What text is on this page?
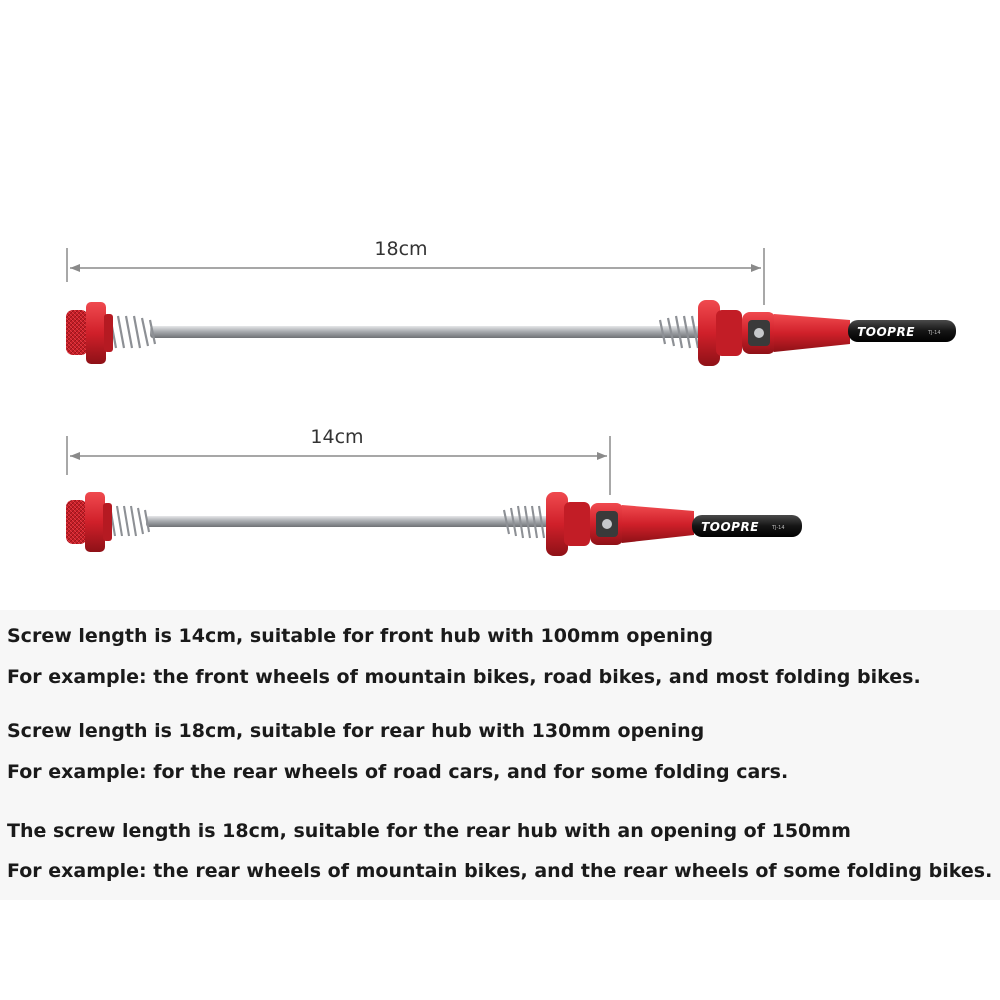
18cm
TOOPRE	TJ-14
14cm
TOOPRE	TJ-14
Screw length is 14cm, suitable for front hub with 100mm opening
For example: the front wheels of mountain bikes, road bikes, and most folding bikes.
Screw length is 18cm, suitable for rear hub with 130mm opening
For example: for the rear wheels of road cars, and for some folding cars.
The screw length is 18cm, suitable for the rear hub with an opening of 150mm
For example: the rear wheels of mountain bikes, and the rear wheels of some folding bikes.
